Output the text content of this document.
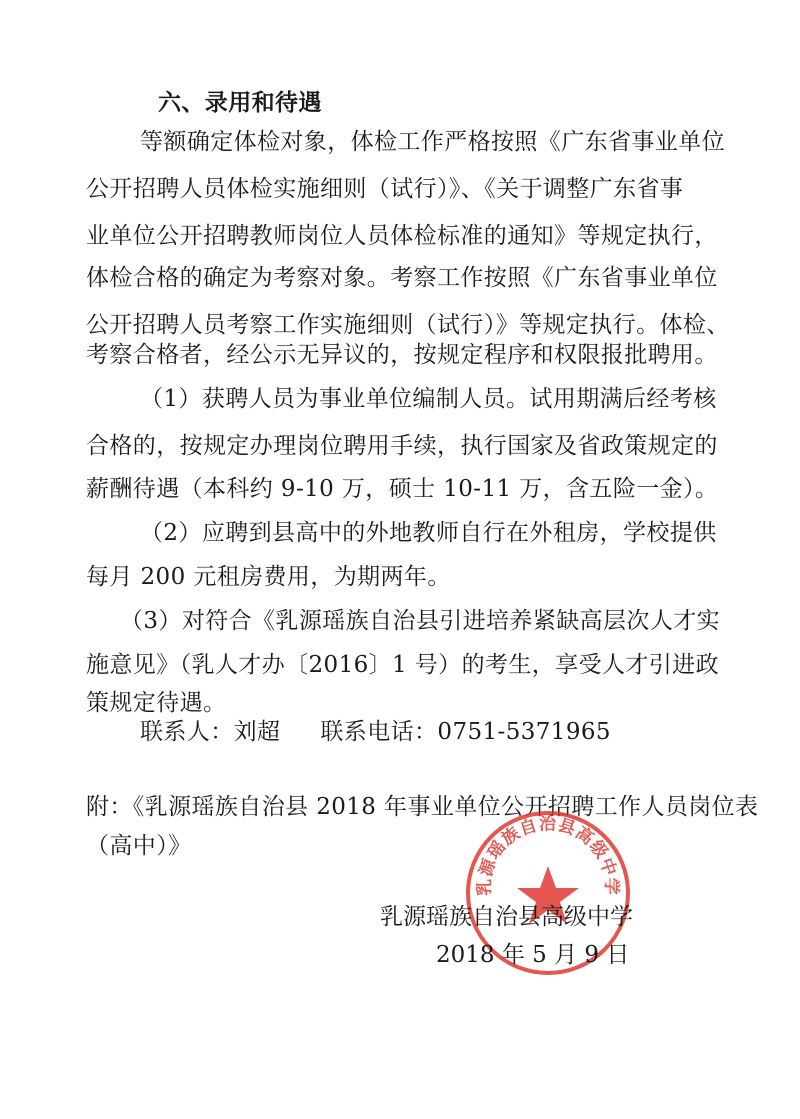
六、录用和待遇
等额确定体检对象，体检工作严格按照《广东省事业单位
公开招聘人员体检实施细则（试行）》、《关于调整广东省事
业单位公开招聘教师岗位人员体检标准的通知》等规定执行，
体检合格的确定为考察对象。考察工作按照《广东省事业单位
公开招聘人员考察工作实施细则（试行）》等规定执行。体检、
考察合格者，经公示无异议的，按规定程序和权限报批聘用。
（1）获聘人员为事业单位编制人员。试用期满后经考核
合格的，按规定办理岗位聘用手续，执行国家及省政策规定的
薪酬待遇（本科约 9-10 万，硕士 10-11 万，含五险一金）。
（2）应聘到县高中的外地教师自行在外租房，学校提供
每月 200 元租房费用，为期两年。
（3）对符合《乳源瑶族自治县引进培养紧缺高层次人才实
施意见》（乳人才办〔2016〕1 号）的考生，享受人才引进政
策规定待遇。
联系人：刘超 联系电话：0751-5371965
附：《乳源瑶族自治县 2018 年事业单位公开招聘工作人员岗位表
（高中）》
乳源瑶族自治县高级中学
乳源瑶族自治县高级中学
2018 年 5 月 9 日
